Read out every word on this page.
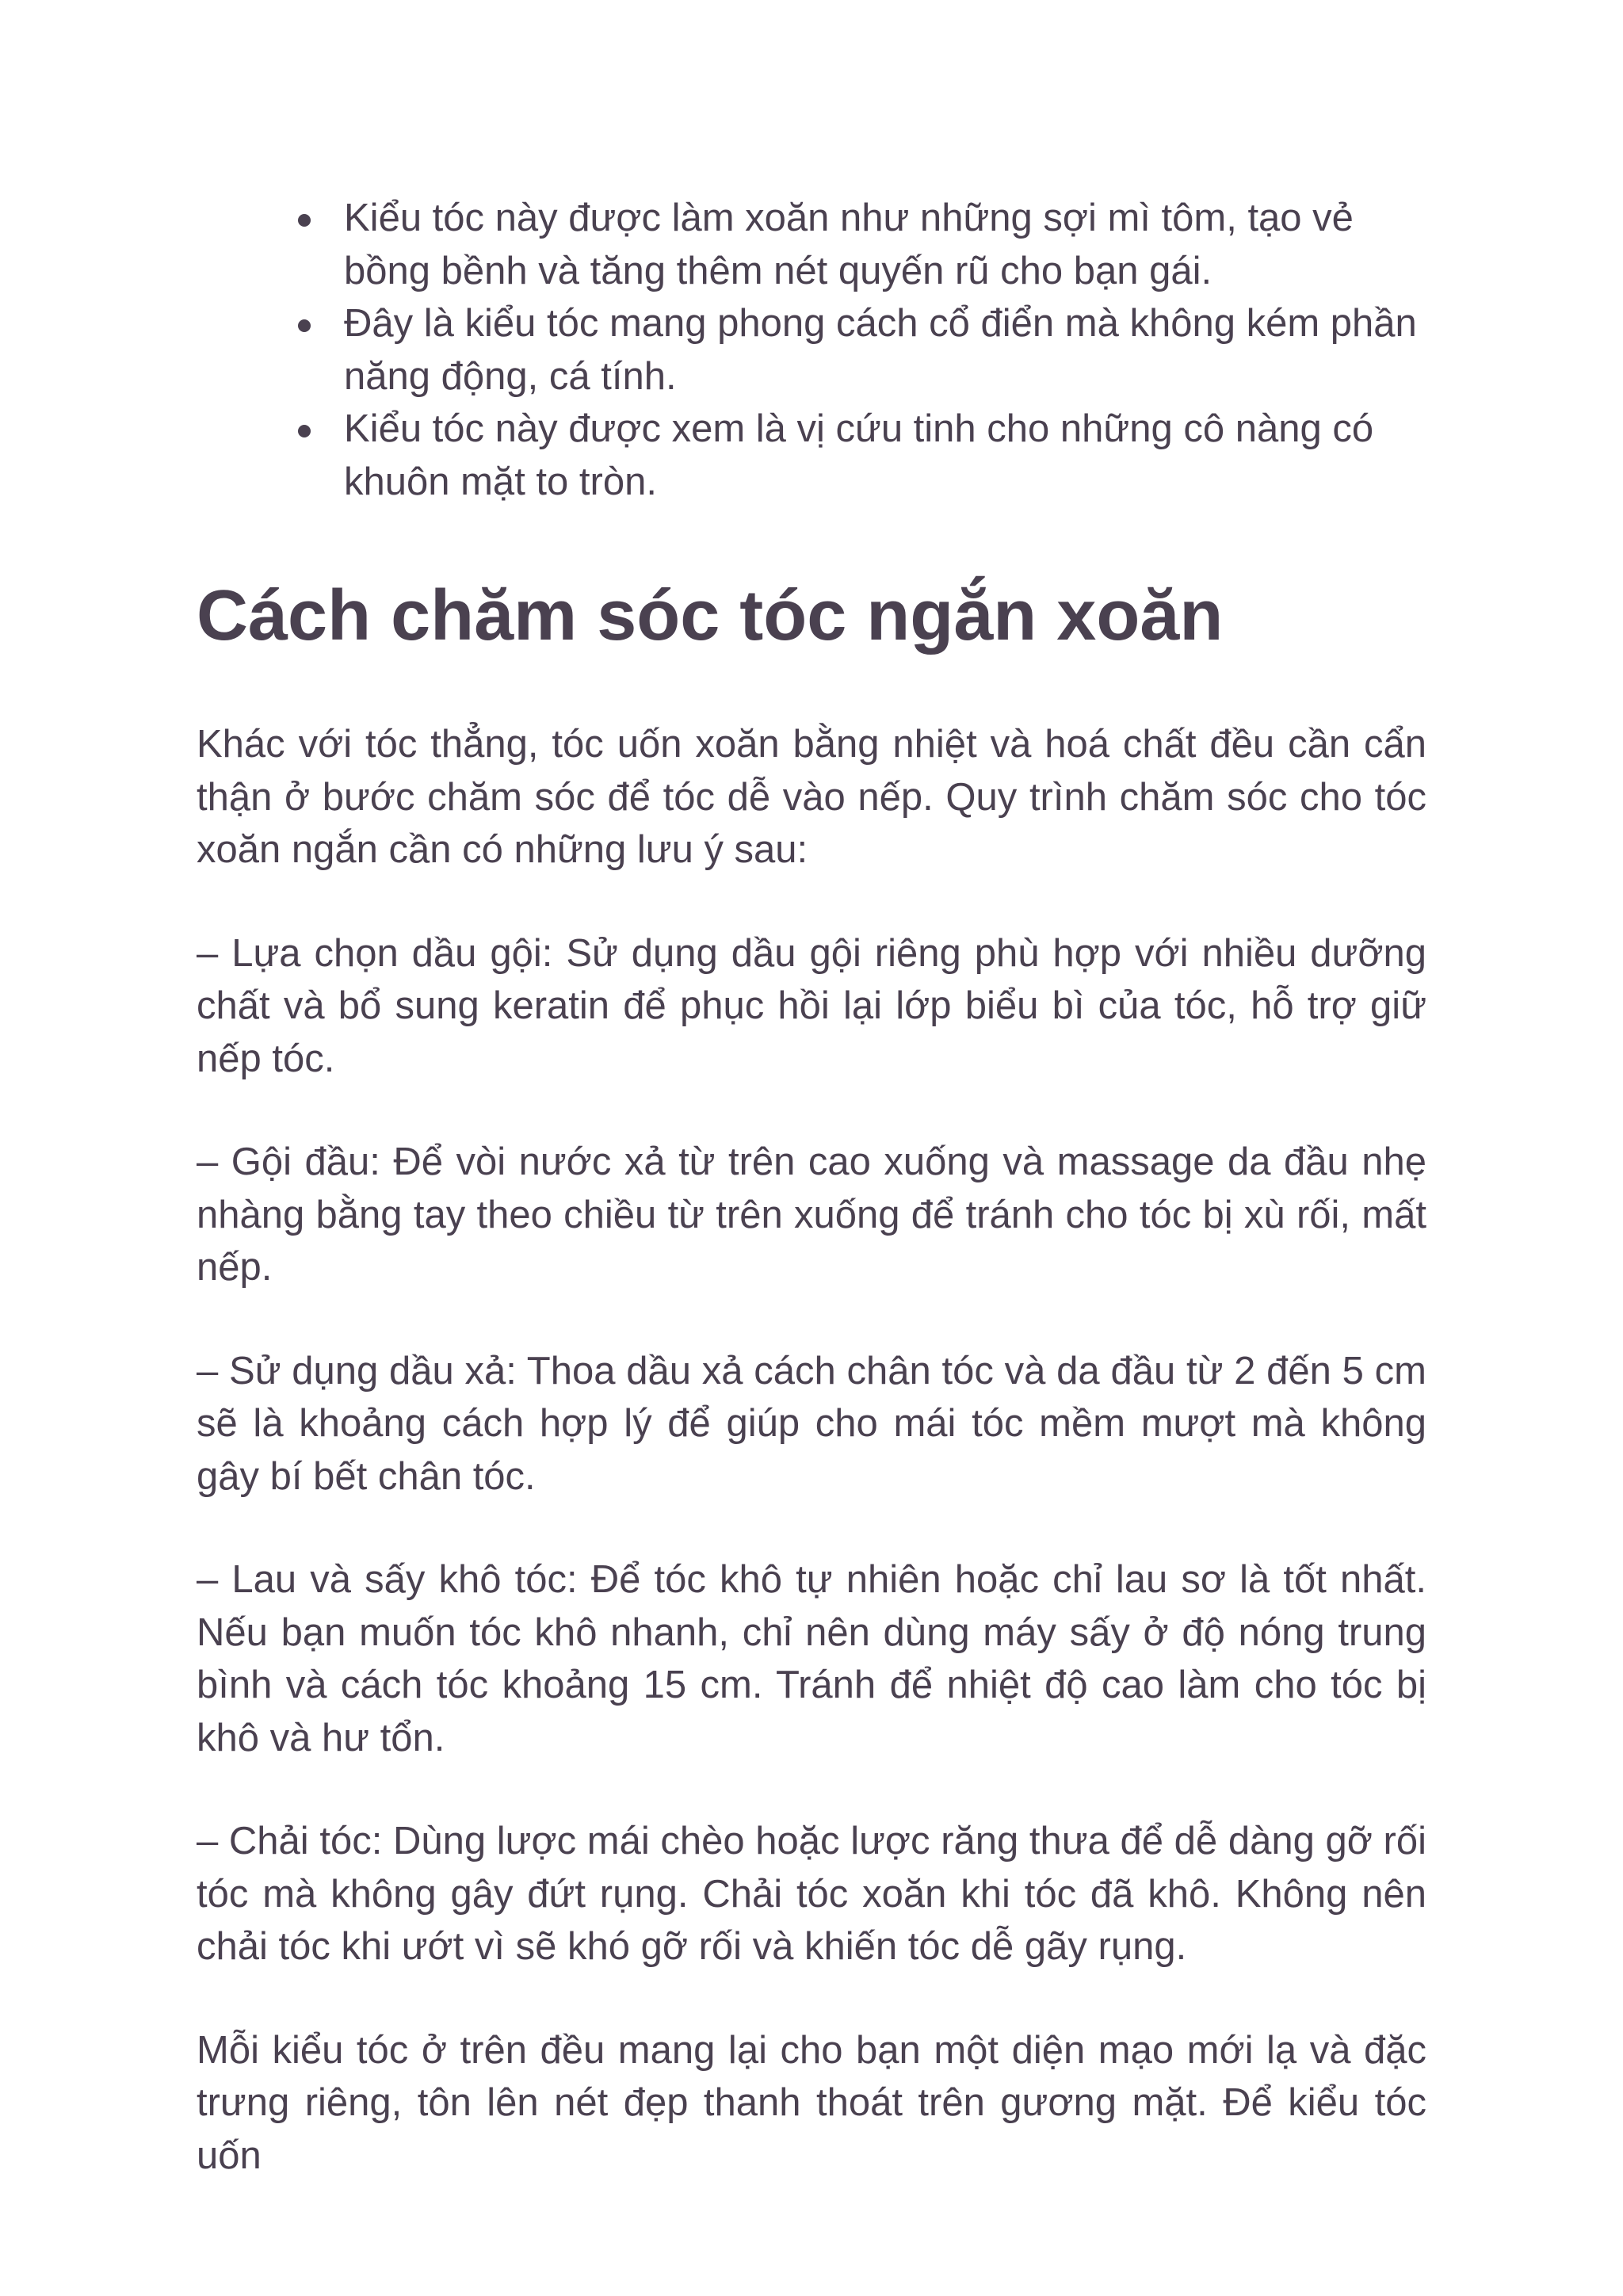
Kiểu tóc này được làm xoăn như những sợi mì tôm, tạo vẻ bồng bềnh và tăng thêm nét quyến rũ cho bạn gái.
Đây là kiểu tóc mang phong cách cổ điển mà không kém phần năng động, cá tính.
Kiểu tóc này được xem là vị cứu tinh cho những cô nàng có khuôn mặt to tròn.
Cách chăm sóc tóc ngắn xoăn

Khác với tóc thẳng, tóc uốn xoăn bằng nhiệt và hoá chất đều cần cẩn thận ở bước chăm sóc để tóc dễ vào nếp. Quy trình chăm sóc cho tóc xoăn ngắn cần có những lưu ý sau:

– Lựa chọn dầu gội: Sử dụng dầu gội riêng phù hợp với nhiều dưỡng chất và bổ sung keratin để phục hồi lại lớp biểu bì của tóc, hỗ trợ giữ nếp tóc.

– Gội đầu: Để vòi nước xả từ trên cao xuống và massage da đầu nhẹ nhàng bằng tay theo chiều từ trên xuống để tránh cho tóc bị xù rối, mất nếp.

– Sử dụng dầu xả: Thoa dầu xả cách chân tóc và da đầu từ 2 đến 5 cm sẽ là khoảng cách hợp lý để giúp cho mái tóc mềm mượt mà không gây bí bết chân tóc.

– Lau và sấy khô tóc: Để tóc khô tự nhiên hoặc chỉ lau sơ là tốt nhất. Nếu bạn muốn tóc khô nhanh, chỉ nên dùng máy sấy ở độ nóng trung bình và cách tóc khoảng 15 cm. Tránh để nhiệt độ cao làm cho tóc bị khô và hư tổn.

– Chải tóc: Dùng lược mái chèo hoặc lược răng thưa để dễ dàng gỡ rối tóc mà không gây đứt rụng. Chải tóc xoăn khi tóc đã khô. Không nên chải tóc khi ướt vì sẽ khó gỡ rối và khiến tóc dễ gãy rụng.

Mỗi kiểu tóc ở trên đều mang lại cho bạn một diện mạo mới lạ và đặc trưng riêng, tôn lên nét đẹp thanh thoát trên gương mặt. Để kiểu tóc uốn
